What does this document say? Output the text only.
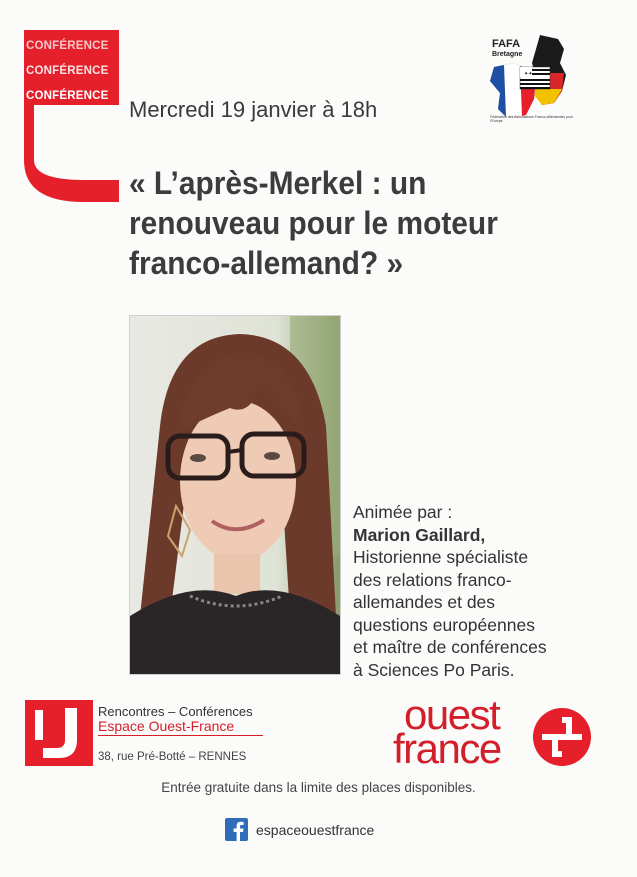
CONFÉRENCE
CONFÉRENCE
CONFÉRENCE
Mercredi 19 janvier à 18h
« L’après-Merkel : un
renouveau pour le moteur
franco-allemand? »
✦✦
FAFA
Bretagne
Fédération des Associations Franco-Allemandes pour l'Europe
Animée par :
Marion Gaillard,
Historienne spécialiste
des relations franco-
allemandes et des
questions européennes
et maître de conférences
à Sciences Po Paris.
Rencontres – Conférences
Espace Ouest-France
38, rue Pré-Botté – RENNES
ouest
france
Entrée gratuite dans la limite des places disponibles.
espaceouestfrance
